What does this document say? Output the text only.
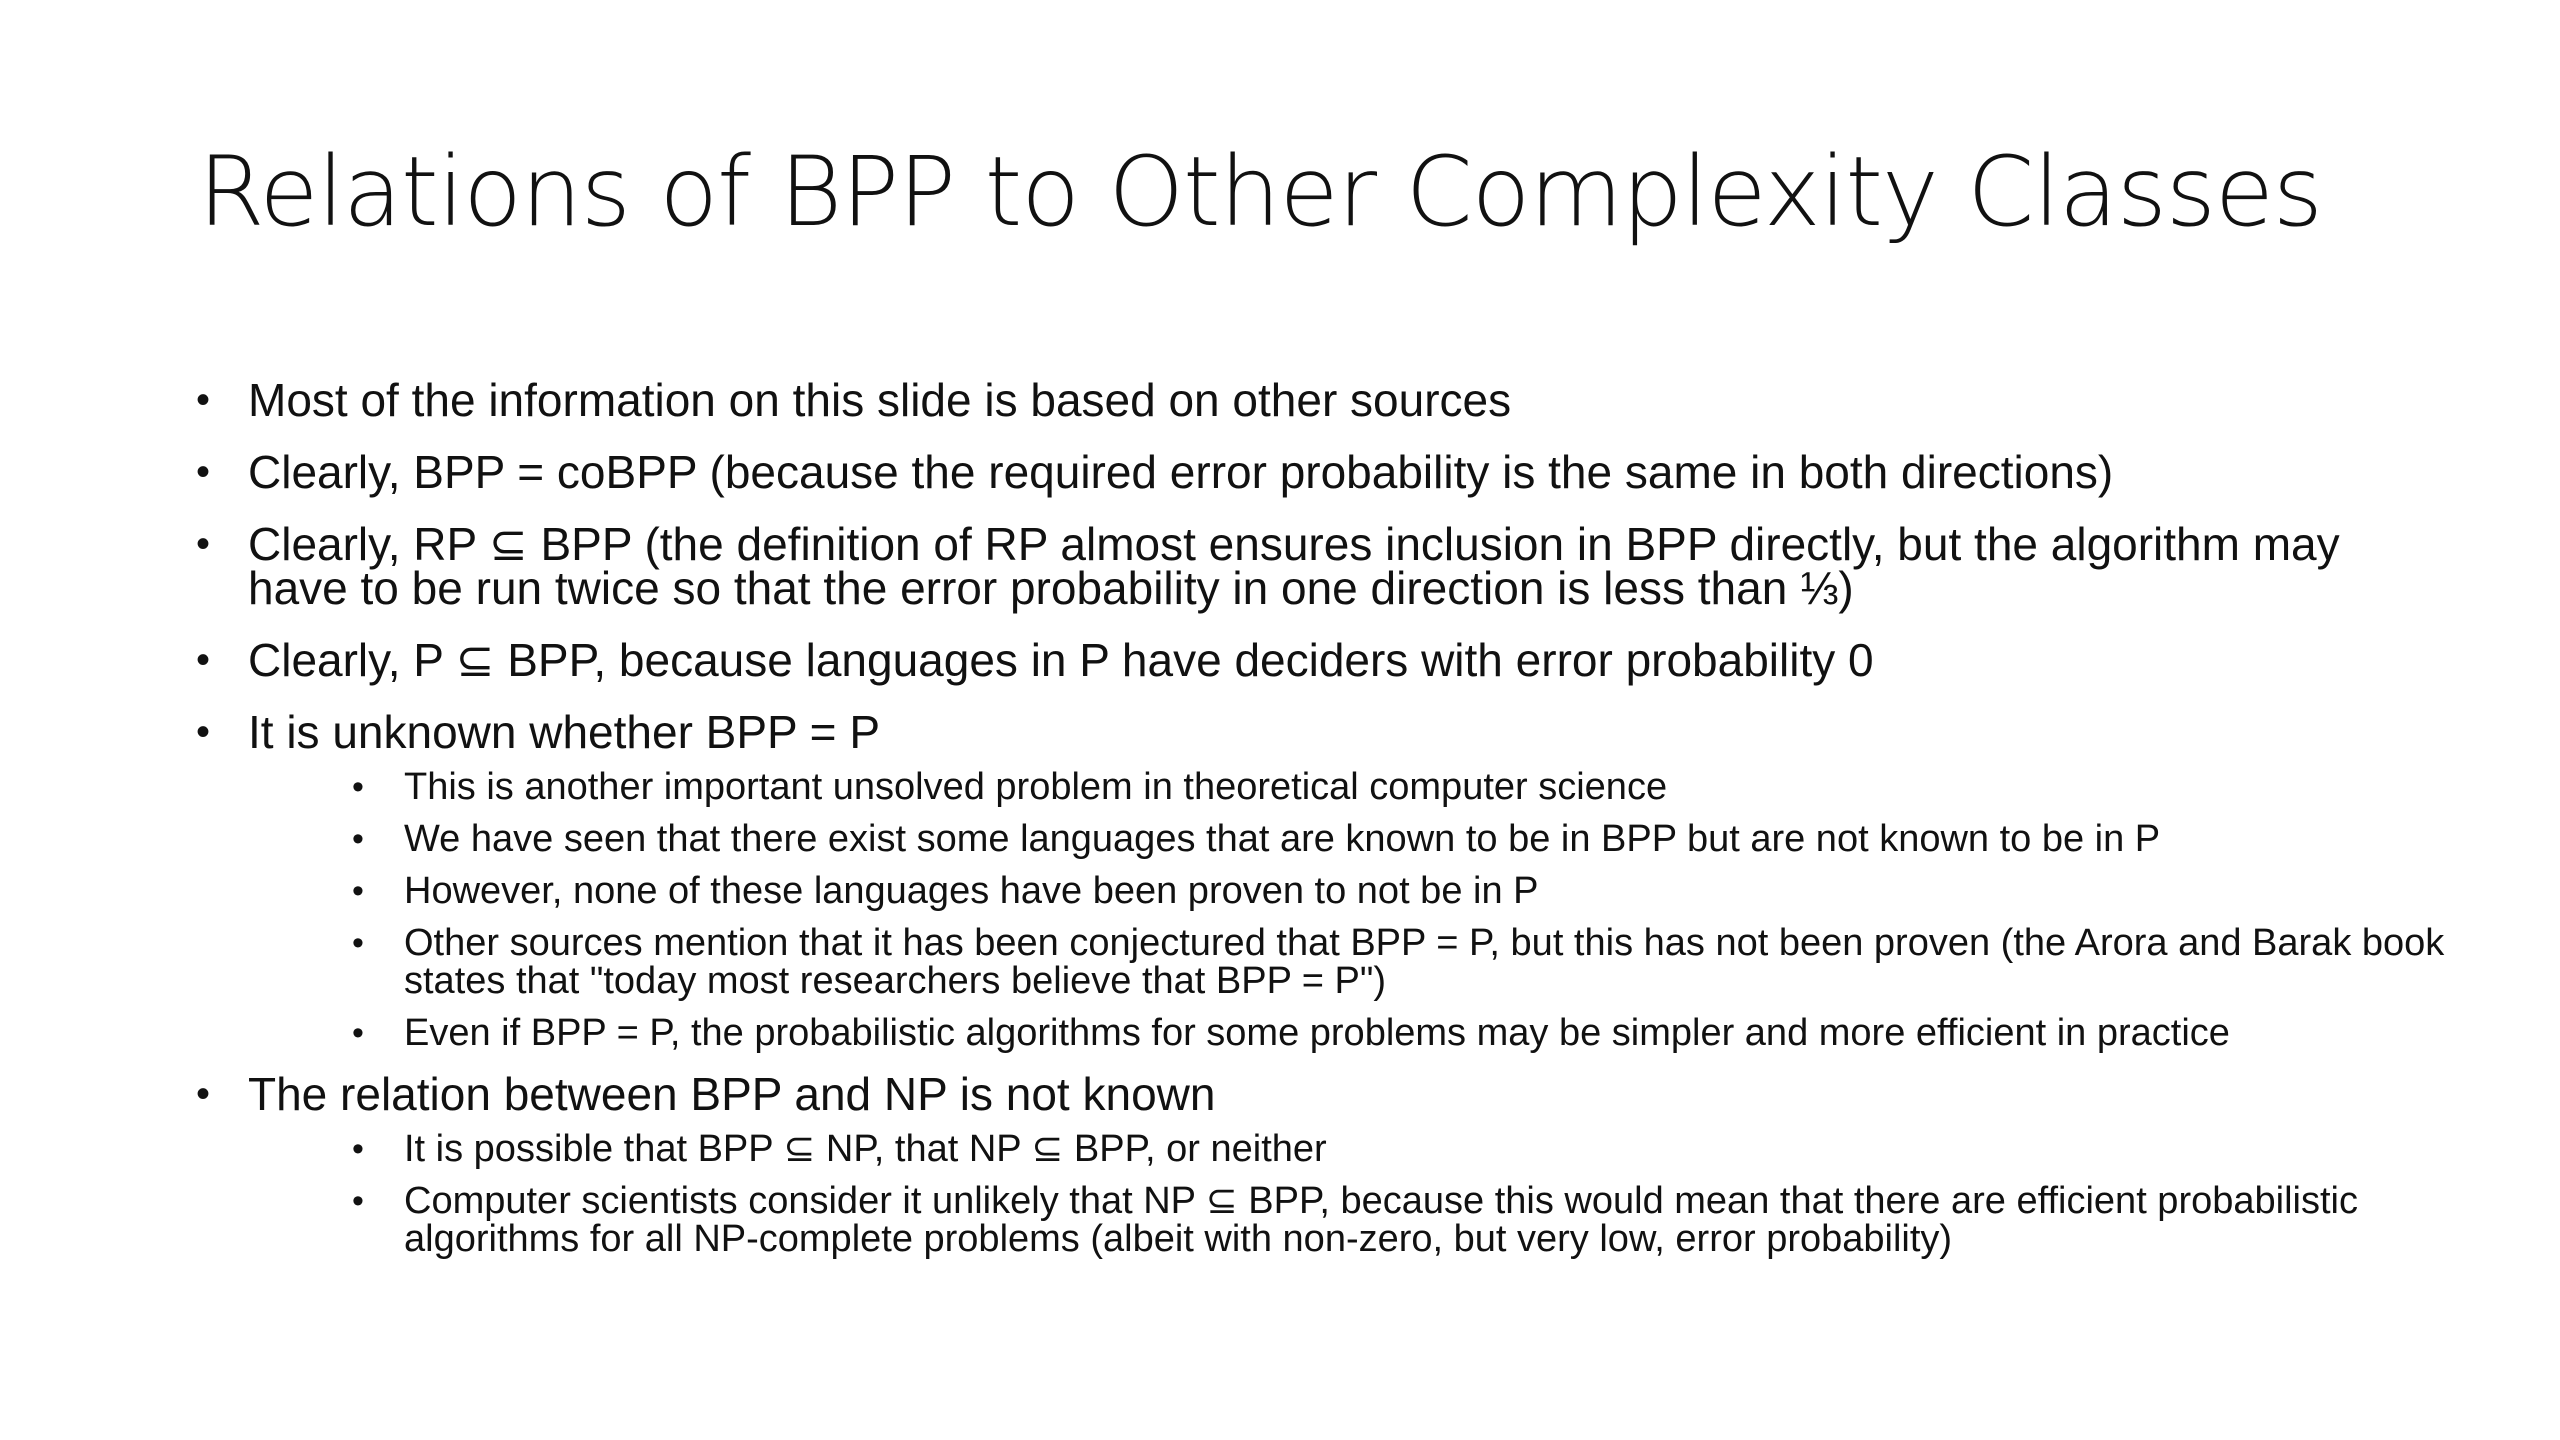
Relations of BPP to Other Complexity Classes
• Most of the information on this slide is based on other sources
• Clearly, BPP = coBPP (because the required error probability is the same in both directions)
• Clearly, RP ⊆ BPP (the definition of RP almost ensures inclusion in BPP directly, but the algorithm may have to be run twice so that the error probability in one direction is less than ⅓)
• Clearly, P ⊆ BPP, because languages in P have deciders with error probability 0
• It is unknown whether BPP = P
• This is another important unsolved problem in theoretical computer science
• We have seen that there exist some languages that are known to be in BPP but are not known to be in P
• However, none of these languages have been proven to not be in P
• Other sources mention that it has been conjectured that BPP = P, but this has not been proven (the Arora and Barak book states that "today most researchers believe that BPP = P")
• Even if BPP = P, the probabilistic algorithms for some problems may be simpler and more efficient in practice
• The relation between BPP and NP is not known
• It is possible that BPP ⊆ NP, that NP ⊆ BPP, or neither
• Computer scientists consider it unlikely that NP ⊆ BPP, because this would mean that there are efficient probabilistic algorithms for all NP-complete problems (albeit with non-zero, but very low, error probability)
